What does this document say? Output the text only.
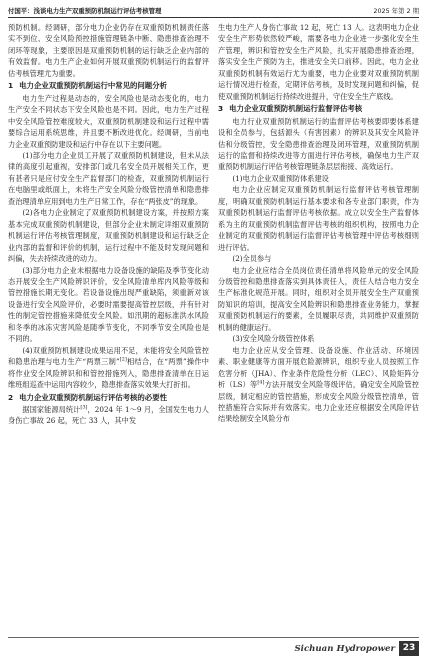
付国平：浅谈电力生产双重预防机制运行评估考核管理	2025 年第 2 期

预防机制。经调研，部分电力企业仍存在双重预防机制责任落实不到位、安全风险预控措施管理链条中断、隐患排查治理不闭环等现象，主要原因是双重预防机制的运行缺乏企业内部的有效监督。电力生产企业如何开展双重预防机制运行的监督评估考核管理尤为重要。

1 电力企业双重预防机制运行中常见的问题分析

电力生产过程是动态的，安全风险也是动态变化的，电力生产安全不同状态下安全风险也是不同。因此，电力生产过程中安全风险管控难度较大，双重预防机制建设和运行过程中需要综合运用系统思维，并且要不断改进优化。经调研，当前电力企业双重预防建设和运行中存在以下主要问题。

(1)部分电力企业员工开展了双重预防机制建设，但未从法律的高度引起重视，安排部门或几名安全员开展相关工作，更有甚者只是应付安全生产监督部门的检查，双重预防机制运行在电脑里或纸面上，未将生产安全风险分级管控清单和隐患排查治理清单应用到电力生产日常工作，存在“两张皮”的现象。

(2)各电力企业制定了双重预防机制建设方案，并按照方案基本完成双重预防机制建设，但部分企业未制定详细双重预防机制运行评估考核管理制度，双重预防机制建设和运行缺乏企业内部的监督和评价的机制，运行过程中不能及时发现问题和纠偏，失去持续改进的动力。

(3)部分电力企业未根据电力设备设施的缺陷及季节变化动态开展安全生产风险辨识评价，安全风险清单库内风险等级和管控措施长期无变化。若设备设施出现严重缺陷，须重新对该设备进行安全风险评价，必要时需要提高管控层级，并有针对性的制定管控措施来降低安全风险。如汛期的超标准洪水风险和冬季的冰冻灾害风险是随季节变化，不同季节安全风险也是不同的。

(4)双重预防机制建设成果运用不足，未能将安全风险管控和隐患治理与电力生产“两票三制”[2]相结合，在“两票”操作中将作业安全风险辨识和和管控措施列入，隐患排查清单在日运维班组巡查中运用内容较少，隐患排查落实效果大打折扣。

2 电力企业双重预防机制运行评估考核的必要性

据国家能源局统计[3]，2024 年 1～9 月，全国发生电力人身伤亡事故 26 起，死亡 33 人，其中发

生电力生产人身伤亡事故 12 起，死亡 13 人。这表明电力企业安全生产形势依然较严峻，需要各电力企业进一步强化安全生产管理，辨识和管控安全生产风险，扎实开展隐患排查治理，落实安全生产预防为主，推进安全关口前移。因此，电力企业双重预防机制有效运行尤为重要，电力企业要对双重预防机制运行情况进行检查，定期评估考核，及时发现问题和纠偏，促使双重预防机制运行持续改进提升，守住安全生产底线。

3 电力企业双重预防机制运行监督评估考核

电力行业双重预防机制运行的监督评估考核要即要体系建设和全员参与，包括源头（有害因素）的辨识及其安全风险评估和分级管控，安全隐患排查治理及闭环管理，双重预防机制运行的监督和持续改进等方面进行评估考核，确保电力生产双重预防机制运行评估考核管理链条层层衔接、高效运行。

(1)电力企业双重预防体系建设

电力企业应制定双重预防机制运行监督评估考核管理制度，明确双重预防机制运行基本要求和各专业部门职责，作为双重预防机制运行监督评估考核依据。成立以安全生产监督体系为主的双重预防机制监督评估考核的组织机构，按照电力企业制定的双重预防机制运行监督评估考核管理中评估考核细则进行评估。

(2)全员参与

电力企业应结合全员岗位责任清单将风险单元的安全风险分级管控和隐患排查落实到具体责任人，责任人结合电力安全生产标准化规范开展。同时，组织对全员开展安全生产双重预防知识的培训，提高安全风险辨识和隐患排查业务能力，掌握双重预防机制运行的要素，全员履职尽责，共同维护双重预防机制的健康运行。

(3)安全风险分级管控体系

电力企业应从安全管理、设备设施、作业活动、环境因素、职业健康等方面开展危险源辨识，组织专业人员按照工作危害分析（JHA）、作业条件危险性分析（LEC）、风险矩阵分析（LS）等[4]方法开展安全风险等级评估，确定安全风险管控层级，制定相应的管控措施，形成安全风险分级管控清单，管控措施符合实际并有效落实。电力企业还应根据安全风险评估结果绘制安全风险分布

Sichuan Hydropower 23
